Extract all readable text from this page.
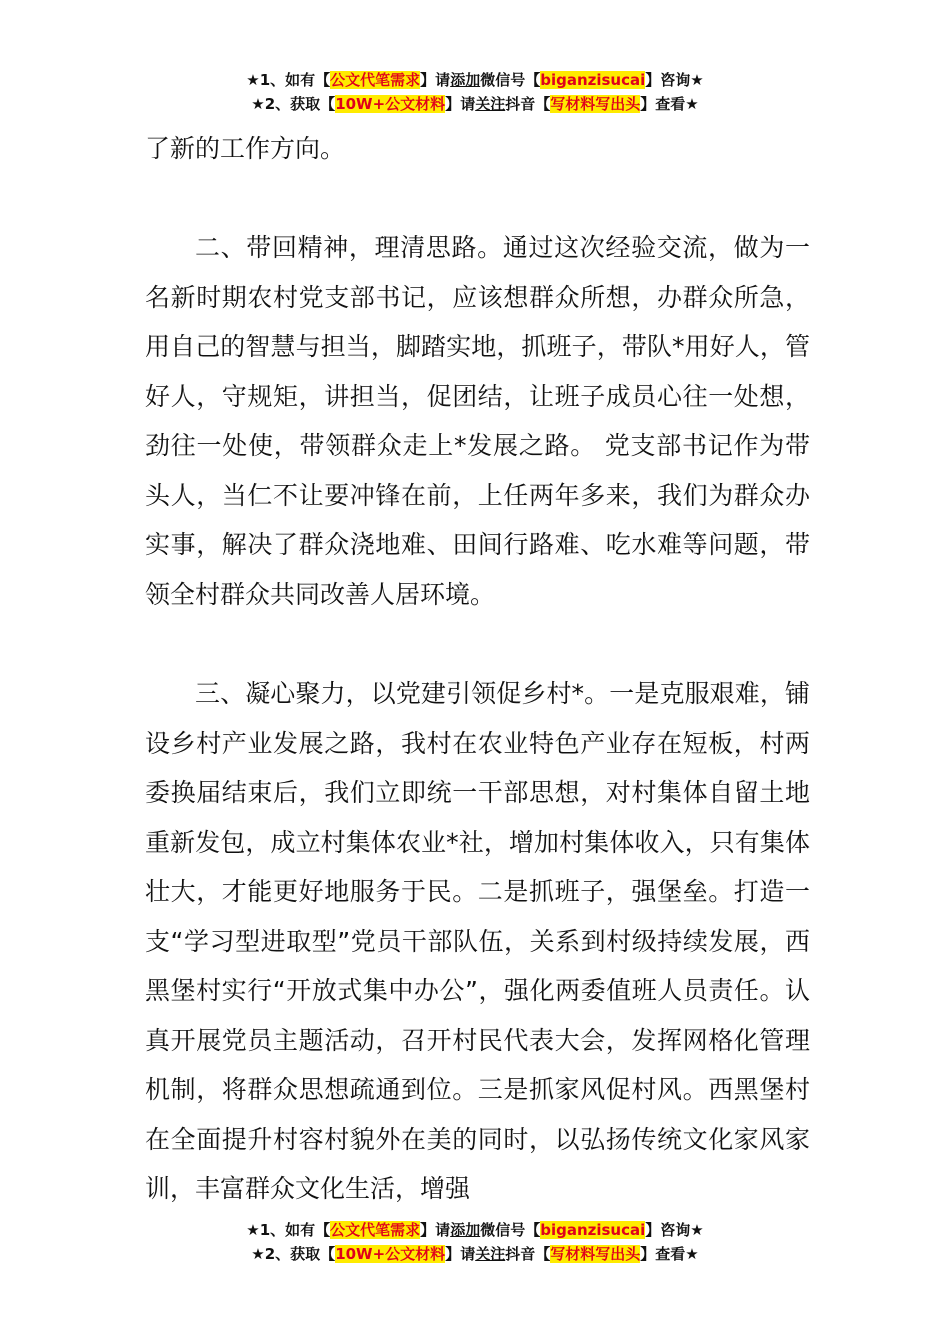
★1、如有【公文代笔需求】请添加微信号【biganzisucai】咨询★
★2、获取【10W+公文材料】请关注抖音【写材料写出头】查看★

了新的工作方向。

二、带回精神，理清思路。通过这次经验交流，做为一名新时期农村党支部书记，应该想群众所想，办群众所急，用自己的智慧与担当，脚踏实地，抓班子，带队*用好人，管好人，守规矩，讲担当，促团结，让班子成员心往一处想，劲往一处使，带领群众走上*发展之路。 党支部书记作为带头人，当仁不让要冲锋在前，上任两年多来，我们为群众办实事，解决了群众浇地难、田间行路难、吃水难等问题，带领全村群众共同改善人居环境。

三、凝心聚力，以党建引领促乡村*。一是克服艰难，铺设乡村产业发展之路，我村在农业特色产业存在短板，村两委换届结束后，我们立即统一干部思想，对村集体自留土地重新发包，成立村集体农业*社，增加村集体收入，只有集体壮大，才能更好地服务于民。二是抓班子，强堡垒。打造一支“学习型进取型”党员干部队伍，关系到村级持续发展，西黑堡村实行“开放式集中办公”，强化两委值班人员责任。认真开展党员主题活动，召开村民代表大会，发挥网格化管理机制，将群众思想疏通到位。三是抓家风促村风。西黑堡村在全面提升村容村貌外在美的同时，以弘扬传统文化家风家训，丰富群众文化生活，增强

★1、如有【公文代笔需求】请添加微信号【biganzisucai】咨询★
★2、获取【10W+公文材料】请关注抖音【写材料写出头】查看★
